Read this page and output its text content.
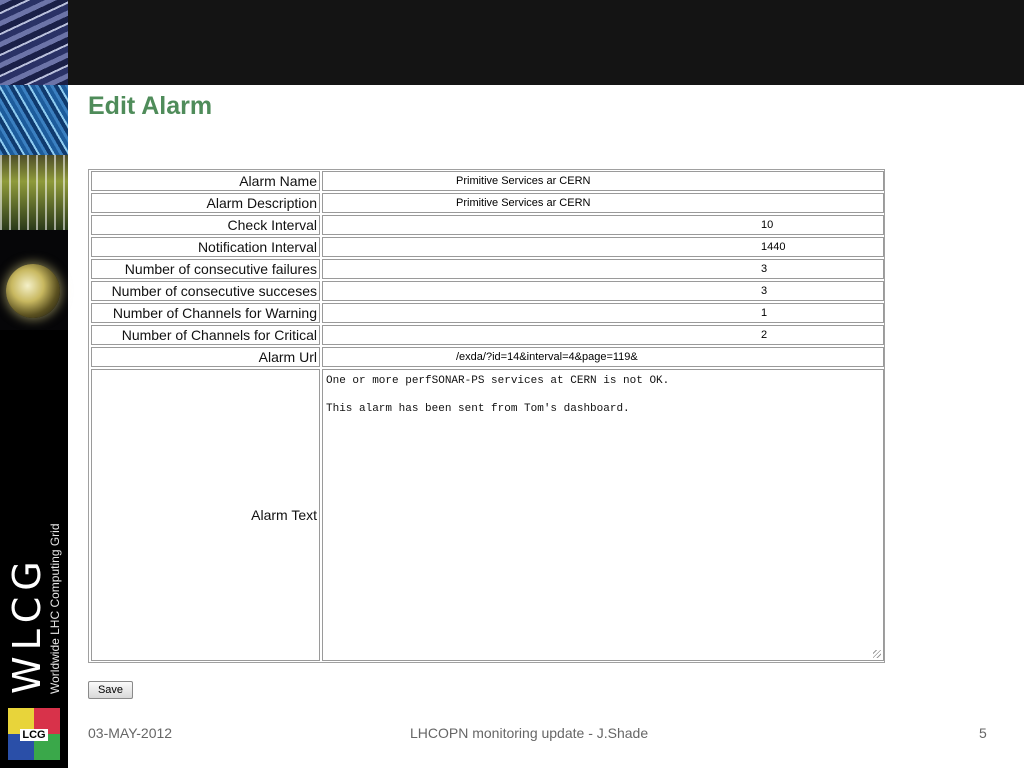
WLCG Worldwide LHC Computing Grid
LCG
Edit Alarm
Alarm Name	Primitive Services ar CERN
Alarm Description	Primitive Services ar CERN
Check Interval	10
Notification Interval	1440
Number of consecutive failures	3
Number of consecutive succeses	3
Number of Channels for Warning	1
Number of Channels for Critical	2
Alarm Url	/exda/?id=14&interval=4&page=119&
Alarm Text
One or more perfSONAR-PS services at CERN is not OK.

This alarm has been sent from Tom's dashboard.
Save
03-MAY-2012	LHCOPN monitoring update - J.Shade	5
